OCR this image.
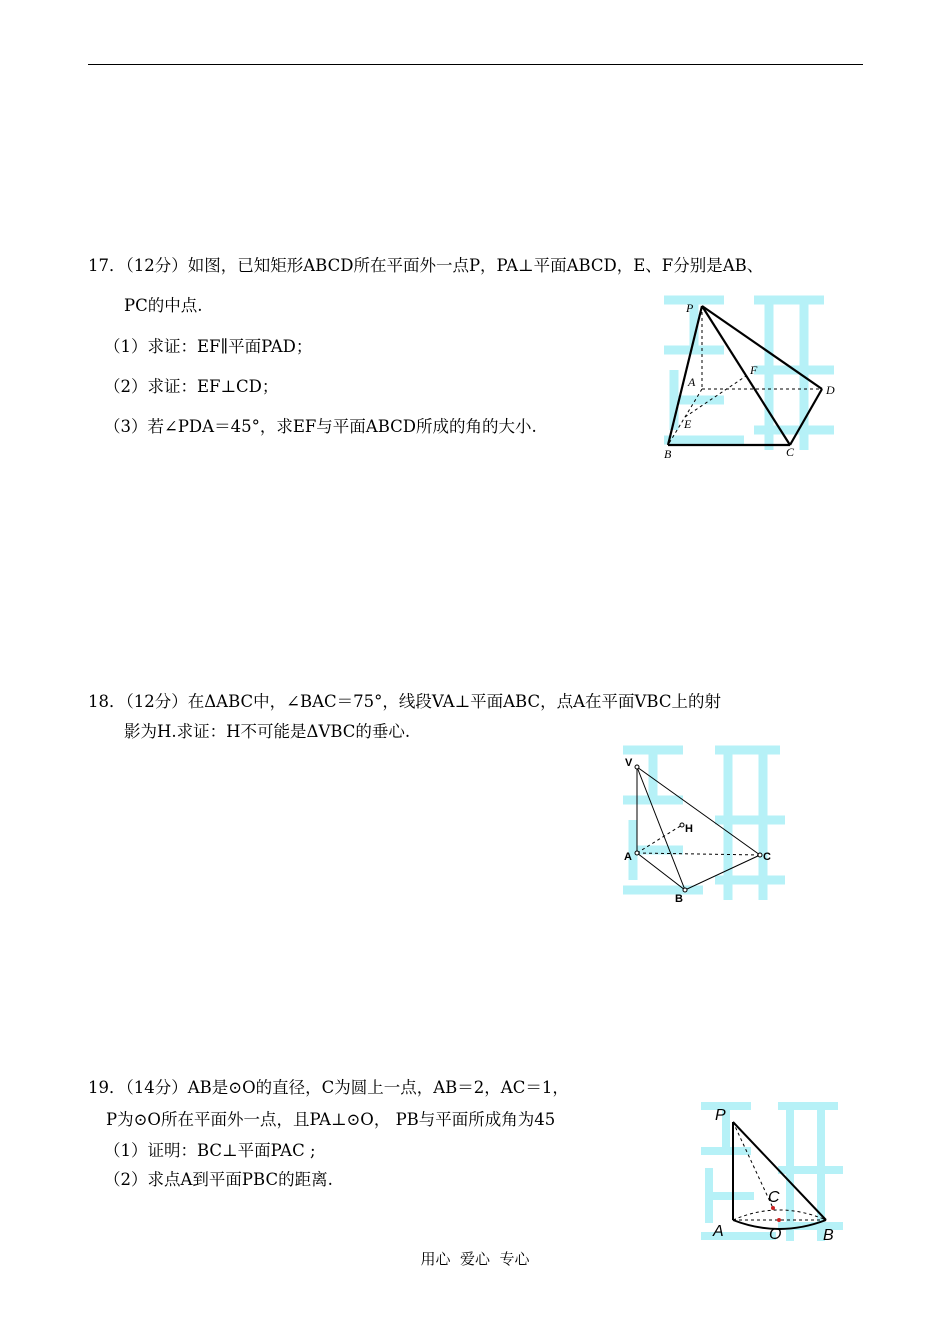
17．（12分）如图，已知矩形ABCD所在平面外一点P，PA⊥平面ABCD，E、F分别是AB、
PC的中点.
（1）求证：EF∥平面PAD；
（2）求证：EF⊥CD；
（3）若∠PDA＝45°，求EF与平面ABCD所成的角的大小.
P
A
F
D
E
B	C
18．（12分）在ΔABC中，∠BAC＝75°，线段VA⊥平面ABC，点A在平面VBC上的射
影为H.求证：H不可能是ΔVBC的垂心.
V
H
A	C
B
19．（14分）AB是⊙O的直径，C为圆上一点，AB＝2，AC＝1，
P为⊙O所在平面外一点，且PA⊥⊙O， PB与平面所成角为45
（1）证明：BC⊥平面PAC ;
（2）求点A到平面PBC的距离.
P
C
A	O	B
用心  爱心  专心
